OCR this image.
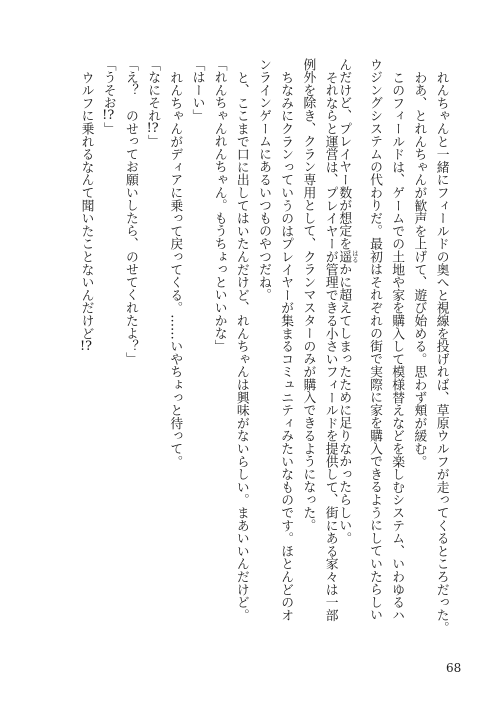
れんちゃんと一緒にフィールドの奥へと視線を投げれば、草原ウルフが走ってくるところだった。
わあ、とれんちゃんが歓声を上げて、遊び始める。思わず頬が緩む。
このフィールドは、ゲームでの土地や家を購入して模様替えなどを楽しむシステム、いわゆるハ
ウジングシステムの代わりだ。最初はそれぞれの街で実際に家を購入できるようにしていたらしい
んだけど、プレイヤー数が想定を遥 はるかに超えてしまったために足りなかったらしい。
それならと運営は、プレイヤーが管理できる小さいフィールドを提供して、街にある家々は一部
例外を除き、クラン専用として、クランマスターのみが購入できるようになった。
ちなみにクランっていうのはプレイヤーが集まるコミュニティみたいなものです。ほとんどのオ
ンラインゲームにあるいつものやつだね。
と、ここまで口に出してはいたんだけど、れんちゃんは興味がないらしい。まあいいんだけど。
「れんちゃんれんちゃん。もうちょっといいかな」
「はーい」
れんちゃんがディアに乗って戻ってくる。……いやちょっと待って。
「なにそれ!?」
「え？　のせってお願いしたら、のせてくれたよ？」
「うそお!?」
ウルフに乗れるなんて聞いたことないんだけど!?
68
